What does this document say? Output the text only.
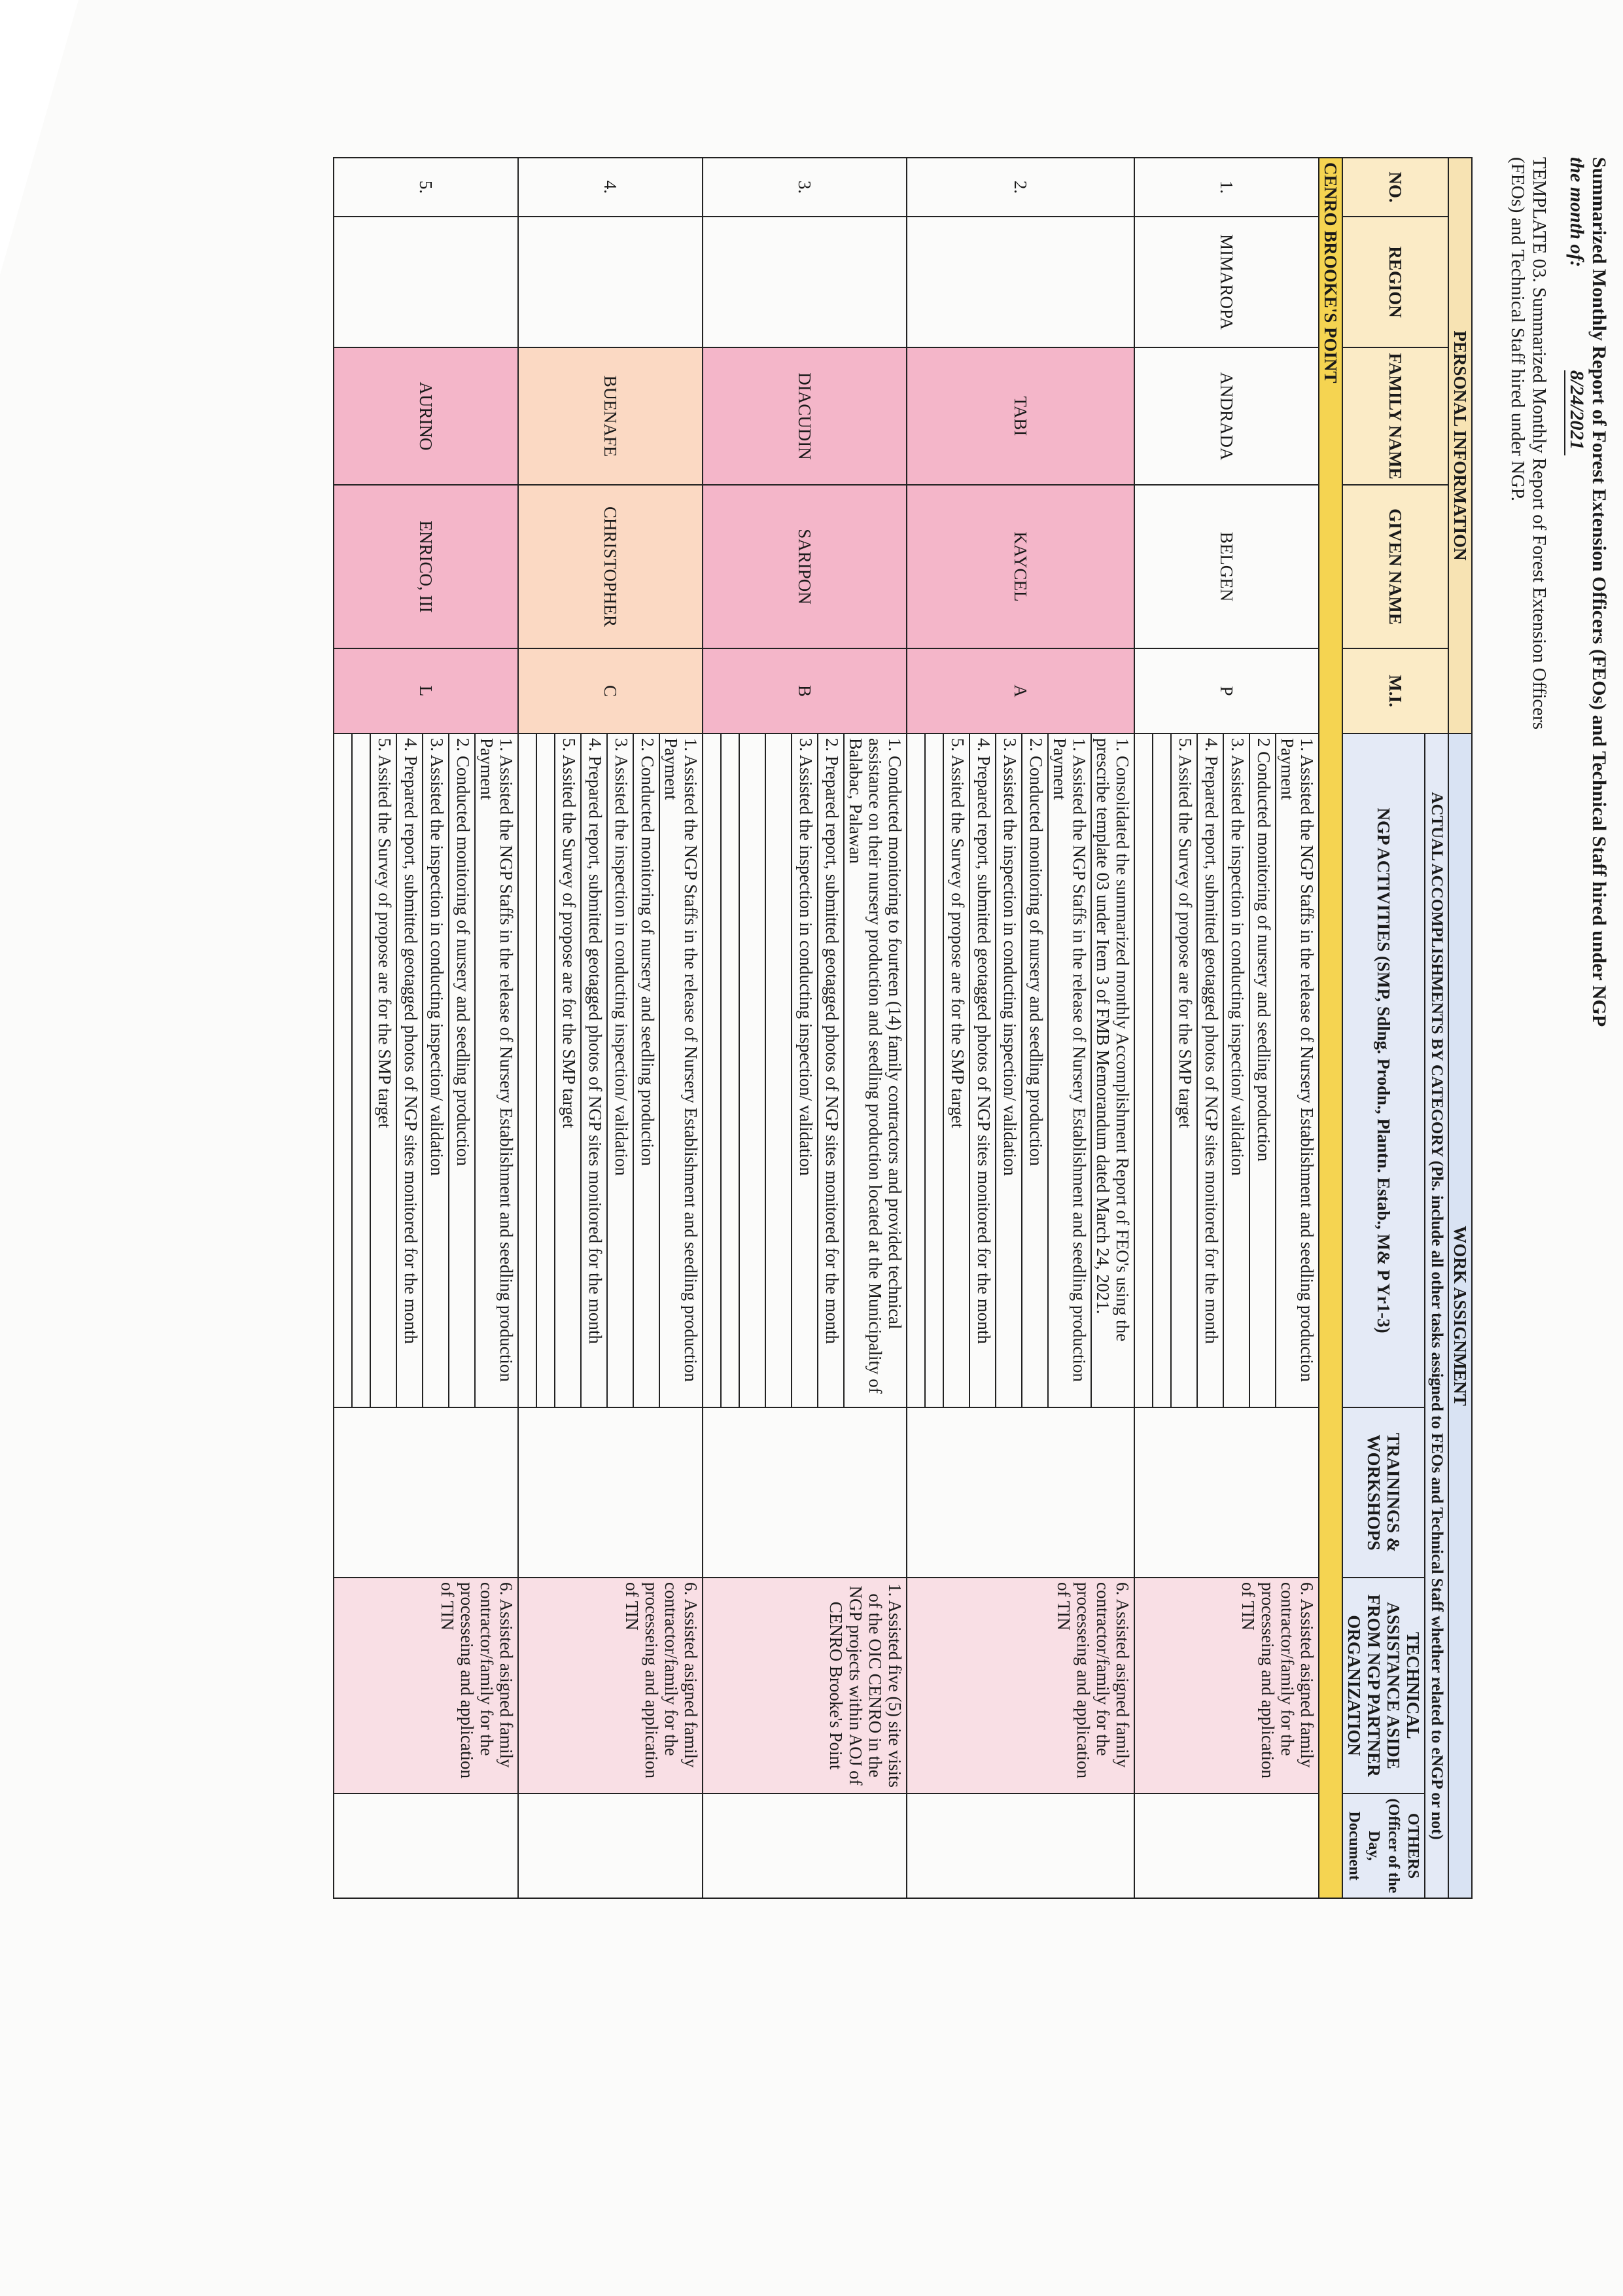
Summarized Monthly Report of Forest Extension Officers (FEOs) and Technical Staff hired under NGP
the month of: 8/24/2021
TEMPLATE 03. Summarized Monthly Report of Forest Extension Officers
(FEOs) and Technical Staff hired under NGP.
PERSONAL INFORMATION					WORK ASSIGNMENT			
NO.	REGION	FAMILY NAME	GIVEN NAME	M.I.	ACTUAL ACCOMPLISHMENTS BY CATEGORY (Pls. include all other tasks assigned to FEOs and Technical Staff whether related to eNGP or not)			
					NGP ACTIVITIES (SMP, Sdlng. Prodn., Plantn. Estab., M& P Yr1-3)	TRAININGS & WORKSHOPS	TECHNICAL ASSISTANCE ASIDE FROM NGP PARTNER ORGANIZATION	OTHERS (Officer of the Day, Document
CENRO BROOKE'S POINT								
1.	MIMAROPA	ANDRADA	BELGEN	P	1. Assisted the NGP Staffs in the release of Nursery Establishment and seedling production Payment		6. Assisted asigned family contractor/family for the processeing and application of TIN	
					2 Conducted monitoring of nursery and seedling production			
					3. Assisted the inspection in conducting inspection/ validation			
					4. Prepared report, submitted geotagged photos of NGP sites monitored for the month			
					5. Assited the Survey of propose are for the SMP target			

2.		TABI	KAYCEL	A	1. Consolidated the summarized monthly Accomplishment Report of FEO's using the prescribe template 03 under Item 3 of FMB Memorandum dated March 24, 2021.		6. Assisted asigned family contractor/family for the processeing and application of TIN	
					1. Assisted the NGP Staffs in the release of Nursery Establishment and seedling production Payment			
					2. Conducted monitoring of nursery and seedling production			
					3. Assisted the inspection in conducting inspection/ validation			
					4. Prepared report, submitted geotagged photos of NGP sites monitored for the month			
					5. Assited the Survey of propose are for the SMP target			

3.		DIACUDIN	SARIPON	B	1. Conducted monitoring to fourteen (14) family contractors and provided technical assistance on their nursery production and seedling production located at the Municipality of Balabac, Palawan		1. Assisted five (5) site visits of the OIC CENRO in the NGP projects within AOJ of CENRO Brooke's Point	
					2. Prepared report, submitted geotagged photos of NGP sites monitored for the month			
					3. Assisted the inspection in conducting inspection/ validation			

4.		BUENAFE	CHRISTOPHER	C	1. Assisted the NGP Staffs in the release of Nursery Establishment and seedling production Payment		6. Assisted asigned family contractor/family for the processeing and application of TIN	
					2. Conducted monitoring of nursery and seedling production			
					3. Assisted the inspection in conducting inspection/ validation			
					4. Prepared report, submitted geotagged photos of NGP sites monitored for the month			
					5. Assited the Survey of propose are for the SMP target			

5.		AURINO	ENRICO, III	L	1. Assisted the NGP Staffs in the release of Nursery Establishment and seedling production Payment		6. Assisted asigned family contractor/family for the processeing and application of TIN	
					2. Conducted monitoring of nursery and seedling production			
					3. Assisted the inspection in conducting inspection/ validation			
					4. Prepared report, submitted geotagged photos of NGP sites monitored for the month			
					5. Assited the Survey of propose are for the SMP target			
